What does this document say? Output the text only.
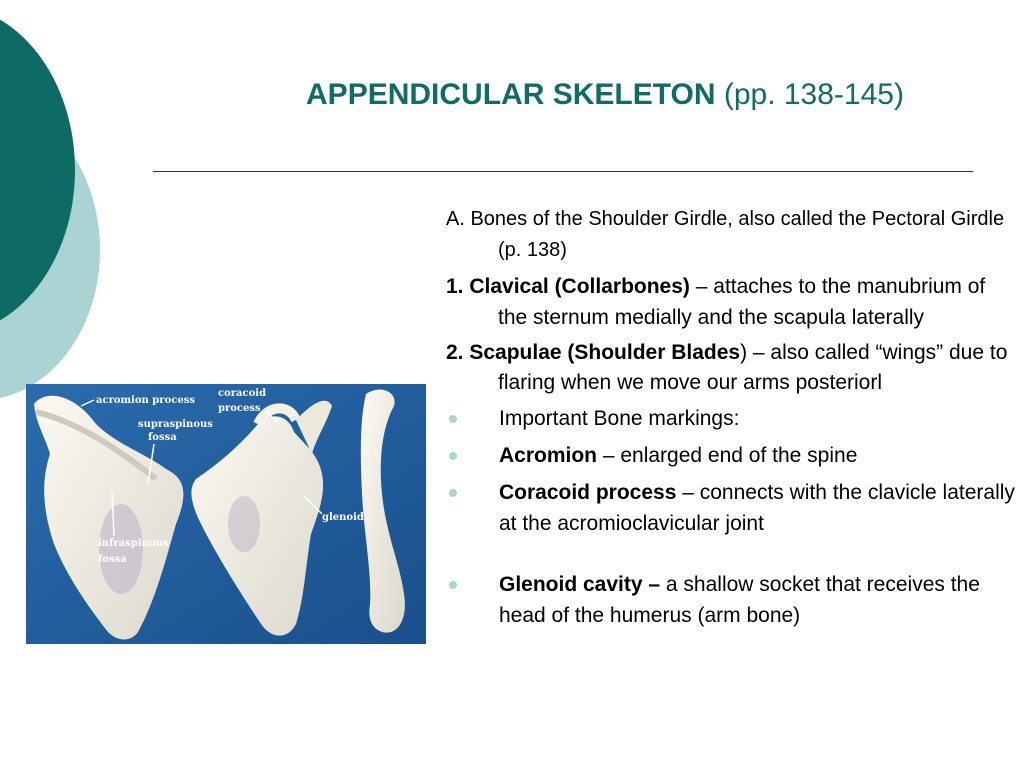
APPENDICULAR SKELETON (pp. 138-145)
A. Bones of the Shoulder Girdle, also called the Pectoral Girdle (p. 138)
1. Clavical (Collarbones) – attaches to the manubrium of the sternum medially and the scapula laterally
2. Scapulae (Shoulder Blades) – also called “wings” due to flaring when we move our arms posteriorl
Important Bone markings:
Acromion – enlarged end of the spine
Coracoid process – connects with the clavicle laterally at the acromioclavicular joint
Glenoid cavity – a shallow socket that receives the head of the humerus (arm bone)
acromion process
supraspinous
fossa
coracoid
process
glenoid
infraspinous
fossa
